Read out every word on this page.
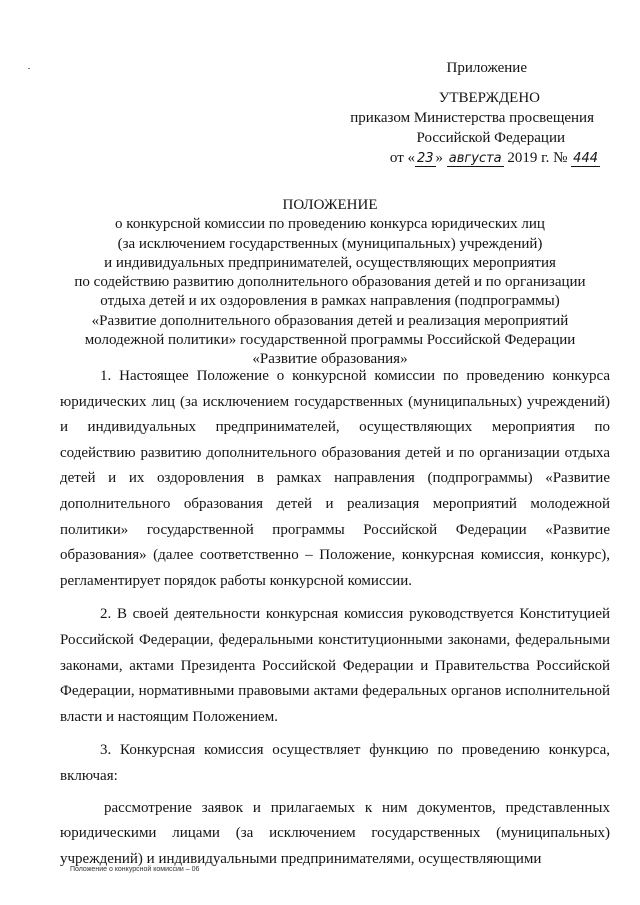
Приложение
УТВЕРЖДЕНО
приказом Министерства просвещения
Российской Федерации
от « 23 » августа 2019 г. № 444
ПОЛОЖЕНИЕ
о конкурсной комиссии по проведению конкурса юридических лиц
(за исключением государственных (муниципальных) учреждений)
и индивидуальных предпринимателей, осуществляющих мероприятия
по содействию развитию дополнительного образования детей и по организации
отдыха детей и их оздоровления в рамках направления (подпрограммы)
«Развитие дополнительного образования детей и реализация мероприятий
молодежной политики» государственной программы Российской Федерации
«Развитие образования»

1. Настоящее Положение о конкурсной комиссии по проведению конкурса юридических лиц (за исключением государственных (муниципальных) учреждений) и индивидуальных предпринимателей, осуществляющих мероприятия по содействию развитию дополнительного образования детей и по организации отдыха детей и их оздоровления в рамках направления (подпрограммы) «Развитие дополнительного образования детей и реализация мероприятий молодежной политики» государственной программы Российской Федерации «Развитие образования» (далее соответственно – Положение, конкурсная комиссия, конкурс), регламентирует порядок работы конкурсной комиссии.

2. В своей деятельности конкурсная комиссия руководствуется Конституцией Российской Федерации, федеральными конституционными законами, федеральными законами, актами Президента Российской Федерации и Правительства Российской Федерации, нормативными правовыми актами федеральных органов исполнительной власти и настоящим Положением.

3. Конкурсная комиссия осуществляет функцию по проведению конкурса, включая:

рассмотрение заявок и прилагаемых к ним документов, представленных юридическими лицами (за исключением государственных (муниципальных) учреждений) и индивидуальными предпринимателями, осуществляющими

Положение о конкурсной комиссии – 06
